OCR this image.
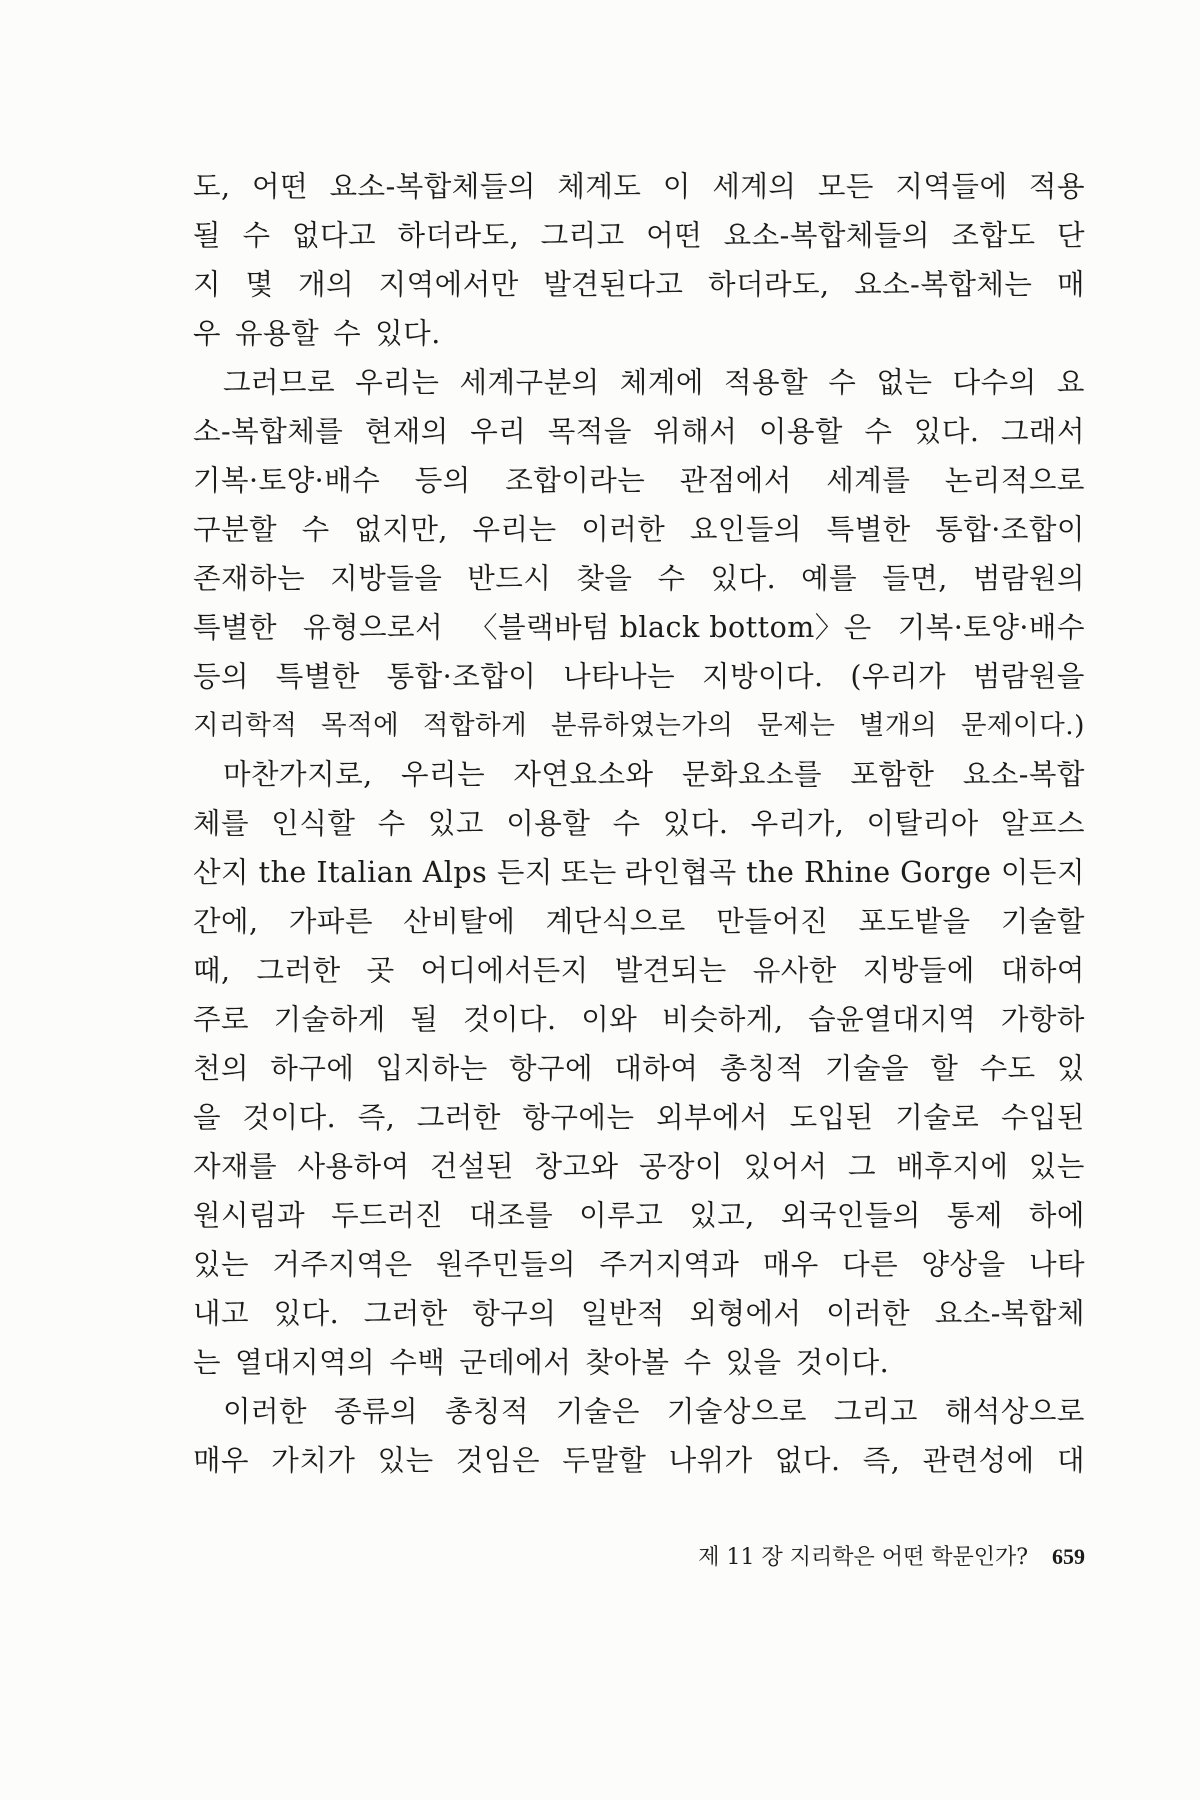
도, 어떤 요소-복합체들의 체계도 이 세계의 모든 지역들에 적용
될 수 없다고 하더라도, 그리고 어떤 요소-복합체들의 조합도 단
지 몇 개의 지역에서만 발견된다고 하더라도, 요소-복합체는 매
우 유용할 수 있다.
그러므로 우리는 세계구분의 체계에 적용할 수 없는 다수의 요
소-복합체를 현재의 우리 목적을 위해서 이용할 수 있다. 그래서
기복·토양·배수 등의 조합이라는 관점에서 세계를 논리적으로
구분할 수 없지만, 우리는 이러한 요인들의 특별한 통합·조합이
존재하는 지방들을 반드시 찾을 수 있다. 예를 들면, 범람원의
특별한 유형으로서 〈블랙바텀 black bottom〉은 기복·토양·배수
등의 특별한 통합·조합이 나타나는 지방이다. (우리가 범람원을
지리학적 목적에 적합하게 분류하였는가의 문제는 별개의 문제이다.)
마찬가지로, 우리는 자연요소와 문화요소를 포함한 요소-복합
체를 인식할 수 있고 이용할 수 있다. 우리가, 이탈리아 알프스
산지 the Italian Alps 든지 또는 라인협곡 the Rhine Gorge 이든지
간에, 가파른 산비탈에 계단식으로 만들어진 포도밭을 기술할
때, 그러한 곳 어디에서든지 발견되는 유사한 지방들에 대하여
주로 기술하게 될 것이다. 이와 비슷하게, 습윤열대지역 가항하
천의 하구에 입지하는 항구에 대하여 총칭적 기술을 할 수도 있
을 것이다. 즉, 그러한 항구에는 외부에서 도입된 기술로 수입된
자재를 사용하여 건설된 창고와 공장이 있어서 그 배후지에 있는
원시림과 두드러진 대조를 이루고 있고, 외국인들의 통제 하에
있는 거주지역은 원주민들의 주거지역과 매우 다른 양상을 나타
내고 있다. 그러한 항구의 일반적 외형에서 이러한 요소-복합체
는 열대지역의 수백 군데에서 찾아볼 수 있을 것이다.
이러한 종류의 총칭적 기술은 기술상으로 그리고 해석상으로
매우 가치가 있는 것임은 두말할 나위가 없다. 즉, 관련성에 대
제 11 장 지리학은 어떤 학문인가? 659
